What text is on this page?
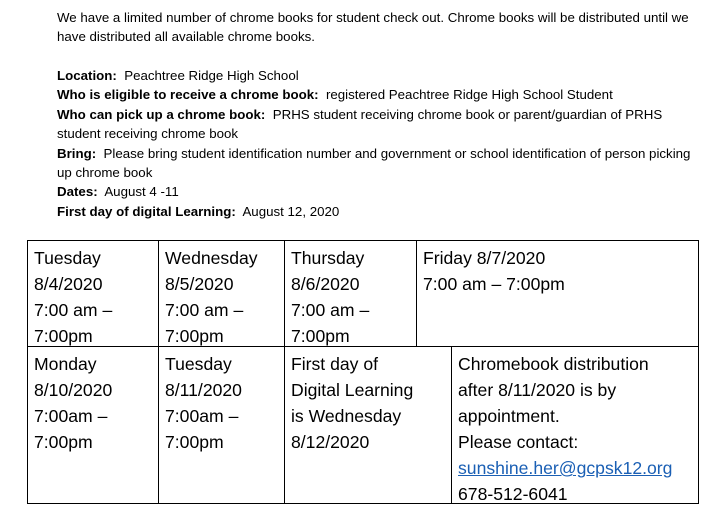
We have a limited number of chrome books for student check out. Chrome books will be distributed until we have distributed all available chrome books.

Location: Peachtree Ridge High School

Who is eligible to receive a chrome book: registered Peachtree Ridge High School Student

Who can pick up a chrome book: PRHS student receiving chrome book or parent/guardian of PRHS student receiving chrome book

Bring: Please bring student identification number and government or school identification of person picking up chrome book

Dates: August 4 -11

First day of digital Learning: August 12, 2020

Tuesday
8/4/2020
7:00 am –
7:00pm
Wednesday
8/5/2020
7:00 am –
7:00pm
Thursday
8/6/2020
7:00 am –
7:00pm
Friday 8/7/2020
7:00 am – 7:00pm
Monday
8/10/2020
7:00am –
7:00pm
Tuesday
8/11/2020
7:00am –
7:00pm
First day of
Digital Learning
is Wednesday
8/12/2020
Chromebook distribution
after 8/11/2020 is by
appointment.
Please contact:
sunshine.her@gcpsk12.org
678-512-6041
